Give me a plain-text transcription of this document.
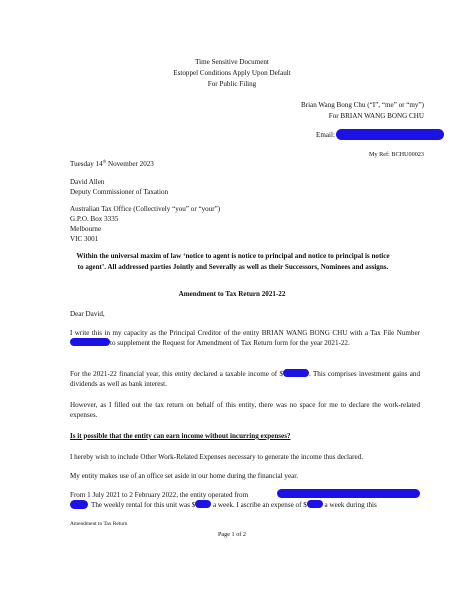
Time Sensitive Document
Estoppel Conditions Apply Upon Default
For Public Filing
Brian Wang Bong Chu (“I”, “me” or “my”)
For BRIAN WANG BONG CHU
Email:
My Ref: BCHU00023
Tuesday 14th November 2023
David Allen
Deputy Commissioner of Taxation
Australian Tax Office (Collectively “you” or “your”)
G.P.O. Box 3335
Melbourne
VIC 3001
Within the universal maxim of law ‘notice to agent is notice to principal and notice to principal is notice to agent’. All addressed parties Jointly and Severally as well as their Successors, Nominees and assigns.
Amendment to Tax Return 2021-22
Dear David,
I write this in my capacity as the Principal Creditor of the entity BRIAN WANG BONG CHU with a Tax File Number to supplement the Request for Amendment of Tax Return form for the year 2021-22.
For the 2021-22 financial year, this entity declared a taxable income of $	. This comprises investment gains and dividends as well as bank interest.
However, as I filled out the tax return on behalf of this entity, there was no space for me to declare the work-related expenses.
Is it possible that the entity can earn income without incurring expenses?
I hereby wish to include Other Work-Related Expenses necessary to generate the income thus declared.
My entity makes use of an office set aside in our home during the financial year.
From 1 July 2021 to 2 February 2022, the entity operated from
The weekly rental for this unit was $	a week. I ascribe an expense of $	a week during this
Amendment to Tax Return
Page 1 of 2
